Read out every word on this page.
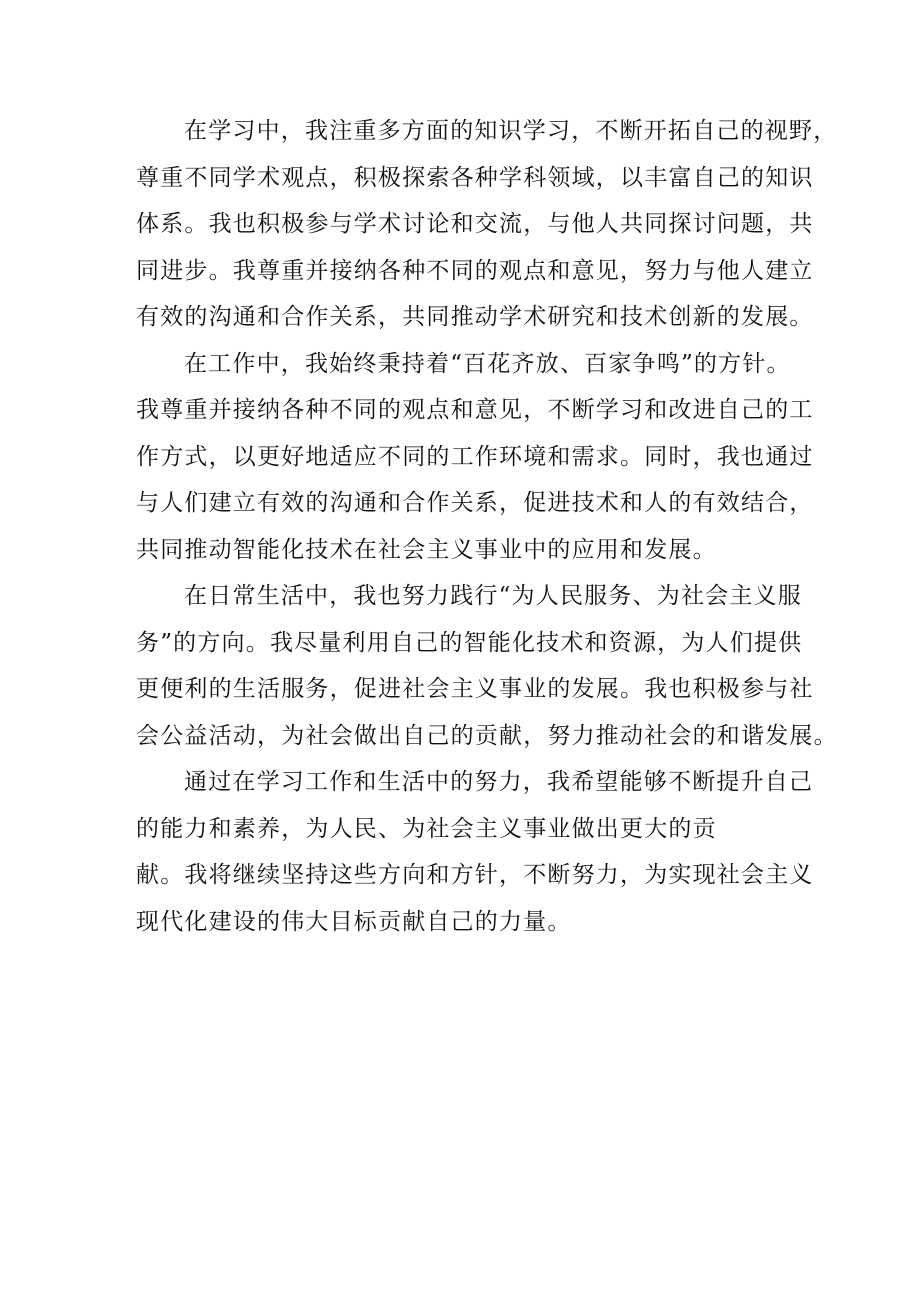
在学习中，我注重多方面的知识学习，不断开拓自己的视野，
尊重不同学术观点，积极探索各种学科领域，以丰富自己的知识
体系。我也积极参与学术讨论和交流，与他人共同探讨问题，共
同进步。我尊重并接纳各种不同的观点和意见，努力与他人建立
有效的沟通和合作关系，共同推动学术研究和技术创新的发展。
在工作中，我始终秉持着“百花齐放、百家争鸣”的方针。
我尊重并接纳各种不同的观点和意见，不断学习和改进自己的工
作方式，以更好地适应不同的工作环境和需求。同时，我也通过
与人们建立有效的沟通和合作关系，促进技术和人的有效结合，
共同推动智能化技术在社会主义事业中的应用和发展。
在日常生活中，我也努力践行“为人民服务、为社会主义服
务”的方向。我尽量利用自己的智能化技术和资源，为人们提供
更便利的生活服务，促进社会主义事业的发展。我也积极参与社
会公益活动，为社会做出自己的贡献，努力推动社会的和谐发展。
通过在学习工作和生活中的努力，我希望能够不断提升自己
的能力和素养，为人民、为社会主义事业做出更大的贡
献。我将继续坚持这些方向和方针，不断努力，为实现社会主义
现代化建设的伟大目标贡献自己的力量。
